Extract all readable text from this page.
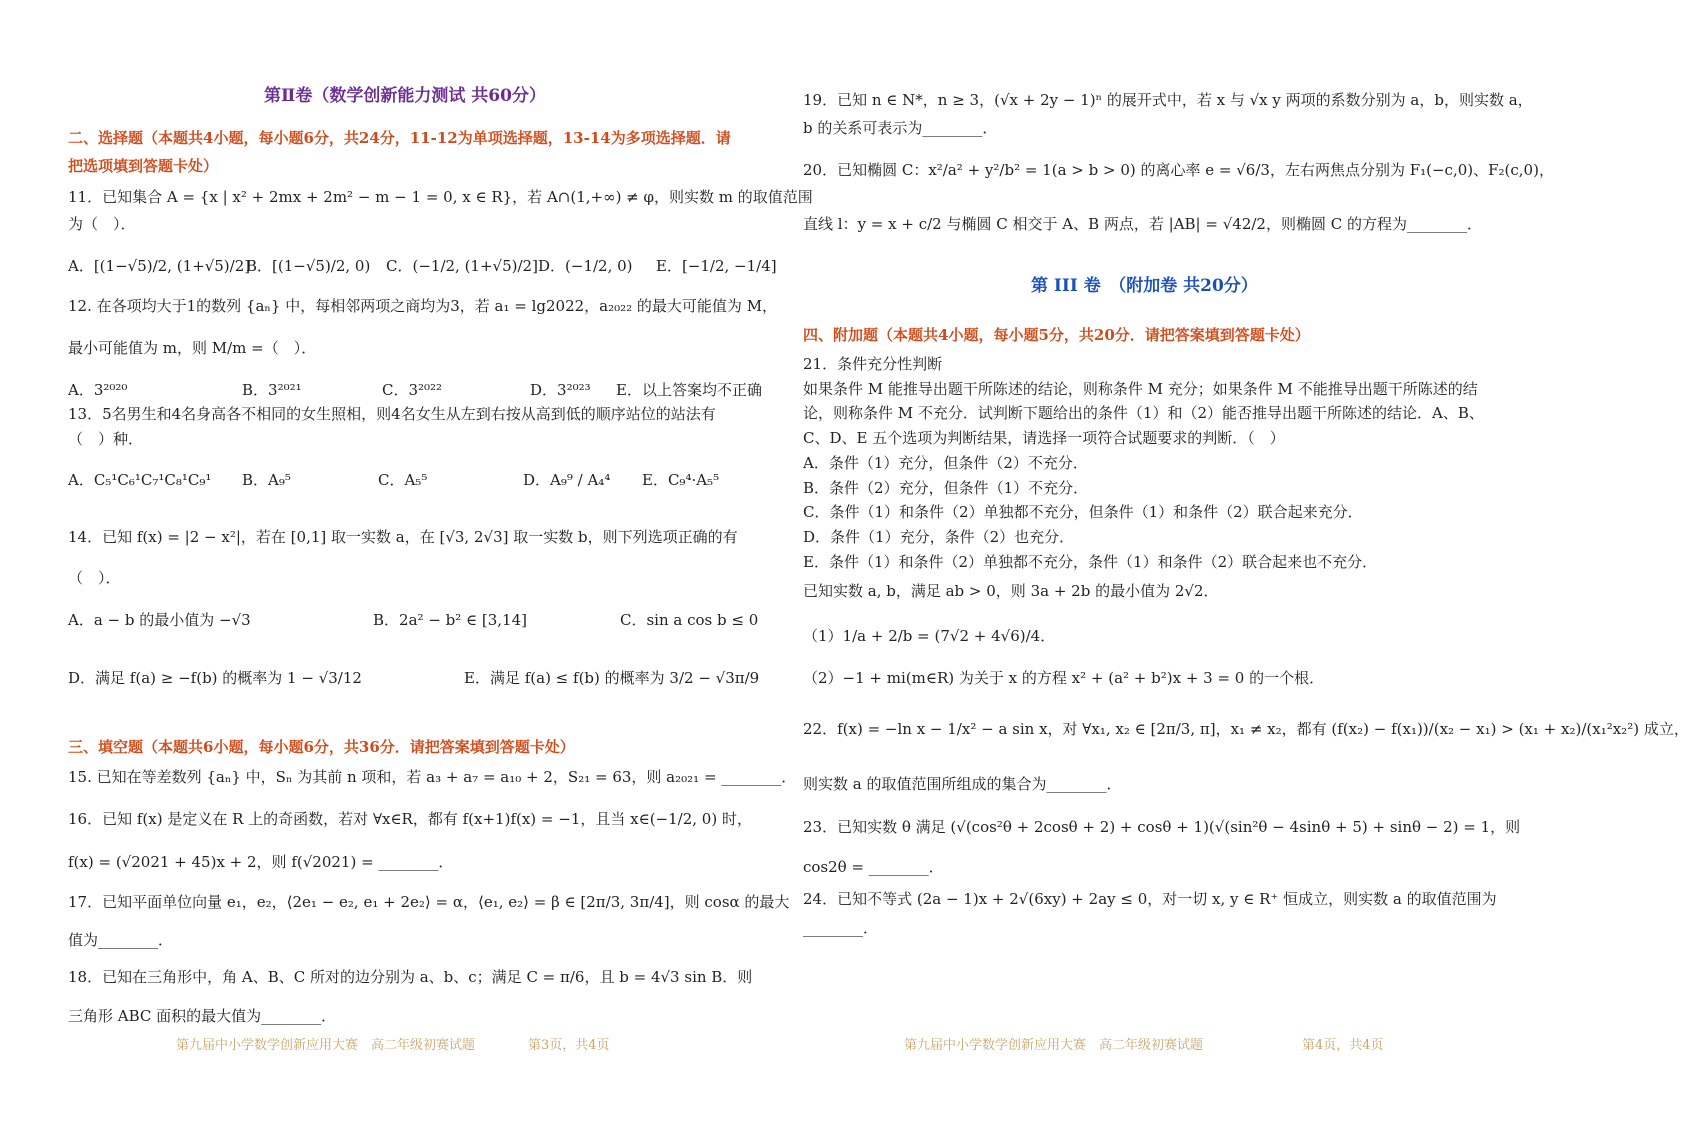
第Ⅱ卷（数学创新能力测试 共60分）
二、选择题（本题共4小题，每小题6分，共24分，11-12为单项选择题，13-14为多项选择题．请
把选项填到答题卡处）
11．已知集合 A = {x | x² + 2mx + 2m² − m − 1 = 0, x ∈ R}，若 A∩(1,+∞) ≠ φ，则实数 m 的取值范围
为（　）．
A．[(1−√5)/2, (1+√5)/2]
B．[(1−√5)/2, 0) C．(−1/2, (1+√5)/2] D．(−1/2, 0) E．[−1/2, −1/4]
12. 在各项均大于1的数列 {aₙ} 中，每相邻两项之商均为3，若 a₁ = lg2022，a₂₀₂₂ 的最大可能值为 M，
最小可能值为 m，则 M/m =（　）．
A．3²⁰²⁰	B．3²⁰²¹	C．3²⁰²²	D．3²⁰²³ E．以上答案均不正确
13．5名男生和4名身高各不相同的女生照相，则4名女生从左到右按从高到低的顺序站位的站法有
（　）种．
A．C₅¹C₆¹C₇¹C₈¹C₉¹ B．A₉⁵	C．A₅⁵	D．A₉⁹ / A₄⁴ E．C₉⁴·A₅⁵
14．已知 f(x) = |2 − x²|，若在 [0,1] 取一实数 a，在 [√3, 2√3] 取一实数 b，则下列选项正确的有
（　）．
A．a − b 的最小值为 −√3	B．2a² − b² ∈ [3,14]	C．sin a cos b ≤ 0
D．满足 f(a) ≥ −f(b) 的概率为 1 − √3/12	E．满足 f(a) ≤ f(b) 的概率为 3/2 − √3π/9
三、填空题（本题共6小题，每小题6分，共36分．请把答案填到答题卡处）
15. 已知在等差数列 {aₙ} 中，Sₙ 为其前 n 项和，若 a₃ + a₇ = a₁₀ + 2，S₂₁ = 63，则 a₂₀₂₁ = ________．
16．已知 f(x) 是定义在 R 上的奇函数，若对 ∀x∈R，都有 f(x+1)f(x) = −1，且当 x∈(−1/2, 0) 时，
f(x) = (√2021 + 45)x + 2，则 f(√2021) = ________．
17．已知平面单位向量 e₁，e₂，⟨2e₁ − e₂, e₁ + 2e₂⟩ = α，⟨e₁, e₂⟩ = β ∈ [2π/3, 3π/4]，则 cosα 的最大
值为________．
18．已知在三角形中，角 A、B、C 所对的边分别为 a、b、c；满足 C = π/6，且 b = 4√3 sin B．则
三角形 ABC 面积的最大值为________．
第九届中小学数学创新应用大赛　高二年级初赛试题	第3页，共4页
19．已知 n ∈ N*，n ≥ 3，(√x + 2y − 1)ⁿ 的展开式中，若 x 与 √x y 两项的系数分别为 a，b，则实数 a，
b 的关系可表示为________．
20．已知椭圆 C：x²/a² + y²/b² = 1(a > b > 0) 的离心率 e = √6/3，左右两焦点分别为 F₁(−c,0)、F₂(c,0)，
直线 l：y = x + c/2 与椭圆 C 相交于 A、B 两点，若 |AB| = √42/2，则椭圆 C 的方程为________．
第 III 卷　（附加卷 共20分）
四、附加题（本题共4小题，每小题5分，共20分．请把答案填到答题卡处）
21．条件充分性判断
如果条件 M 能推导出题干所陈述的结论，则称条件 M 充分；如果条件 M 不能推导出题干所陈述的结
论，则称条件 M 不充分．试判断下题给出的条件（1）和（2）能否推导出题干所陈述的结论．A、B、
C、D、E 五个选项为判断结果，请选择一项符合试题要求的判断．（　）
A．条件（1）充分，但条件（2）不充分．
B．条件（2）充分，但条件（1）不充分．
C．条件（1）和条件（2）单独都不充分，但条件（1）和条件（2）联合起来充分．
D．条件（1）充分，条件（2）也充分．
E．条件（1）和条件（2）单独都不充分，条件（1）和条件（2）联合起来也不充分．
已知实数 a, b，满足 ab > 0，则 3a + 2b 的最小值为 2√2．
（1）1/a + 2/b = (7√2 + 4√6)/4．
（2）−1 + mi(m∈R) 为关于 x 的方程 x² + (a² + b²)x + 3 = 0 的一个根．
22．f(x) = −ln x − 1/x² − a sin x，对 ∀x₁, x₂ ∈ [2π/3, π]，x₁ ≠ x₂，都有 (f(x₂) − f(x₁))/(x₂ − x₁) > (x₁ + x₂)/(x₁²x₂²) 成立，
则实数 a 的取值范围所组成的集合为________．
23．已知实数 θ 满足 (√(cos²θ + 2cosθ + 2) + cosθ + 1)(√(sin²θ − 4sinθ + 5) + sinθ − 2) = 1，则
cos2θ = ________．
24．已知不等式 (2a − 1)x + 2√(6xy) + 2ay ≤ 0，对一切 x, y ∈ R⁺ 恒成立，则实数 a 的取值范围为
________．
第九届中小学数学创新应用大赛　高二年级初赛试题	第4页，共4页
